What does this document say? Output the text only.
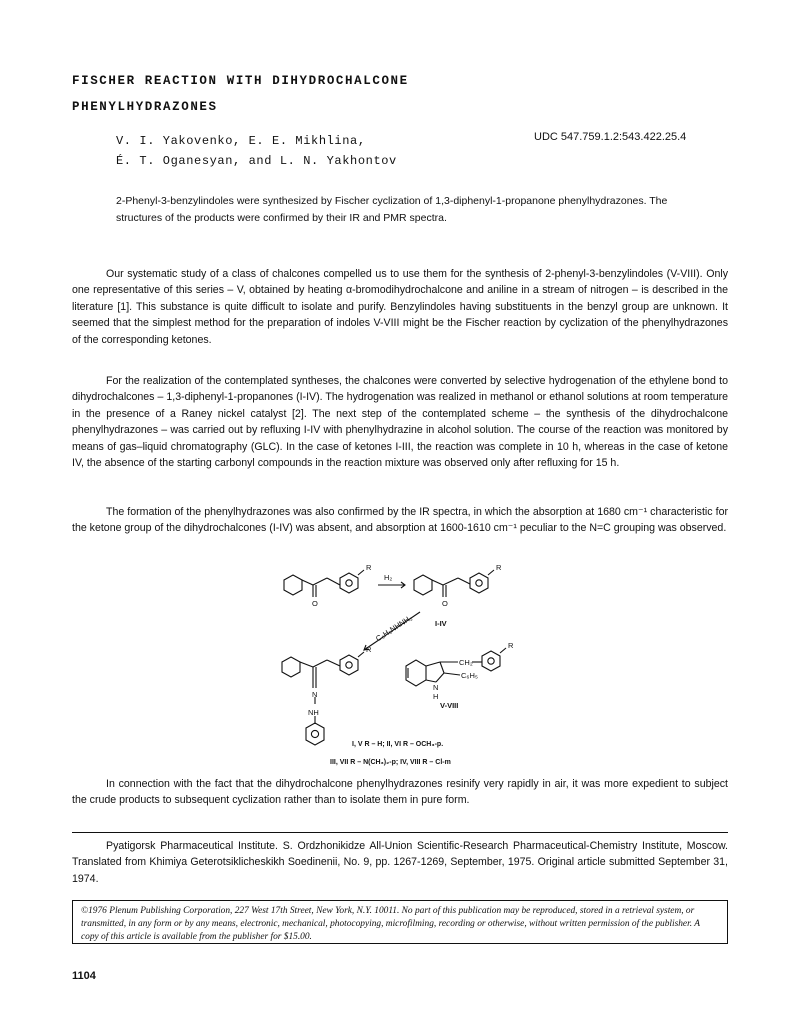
FISCHER REACTION WITH DIHYDROCHALCONE
PHENYLHYDRAZONES
V. I. Yakovenko, E. E. Mikhlina,
É. T. Oganesyan, and L. N. Yakhontov
UDC 547.759.1.2:543.422.25.4
2-Phenyl-3-benzylindoles were synthesized by Fischer cyclization of 1,3-diphenyl-1-propanone phenylhydrazones. The structures of the products were confirmed by their IR and PMR spectra.
Our systematic study of a class of chalcones compelled us to use them for the synthesis of 2-phenyl-3-benzylindoles (V-VIII). Only one representative of this series – V, obtained by heating α-bromodihydrochalcone and aniline in a stream of nitrogen – is described in the literature [1]. This substance is quite difficult to isolate and purify. Benzylindoles having substituents in the benzyl group are unknown. It seemed that the simplest method for the preparation of indoles V-VIII might be the Fischer reaction by cyclization of the phenylhydrazones of the corresponding ketones.
For the realization of the contemplated syntheses, the chalcones were converted by selective hydrogenation of the ethylene bond to dihydrochalcones – 1,3-diphenyl-1-propanones (I-IV). The hydrogenation was realized in methanol or ethanol solutions at room temperature in the presence of a Raney nickel catalyst [2]. The next step of the contemplated scheme – the synthesis of the dihydrochalcone phenylhydrazones – was carried out by refluxing I-IV with phenylhydrazine in alcohol solution. The course of the reaction was monitored by means of gas–liquid chromatography (GLC). In the case of ketones I-III, the reaction was complete in 10 h, whereas in the case of ketone IV, the absence of the starting carbonyl compounds in the reaction mixture was observed only after refluxing for 15 h.
The formation of the phenylhydrazones was also confirmed by the IR spectra, in which the absorption at 1680 cm⁻¹ characteristic for the ketone group of the dihydrochalcones (I-IV) was absent, and absorption at 1600-1610 cm⁻¹ peculiar to the N=C grouping was observed.
H₂
O	O
R	R
R	R
I-IV
C₆H₅NHNH₂
N
NH
N
H
CH₂
C₆H₅
V-VIII
I, V R – H; II, VI R – OCH₃-p.
III, VII R – N(CH₃)₂-p; IV, VIII R – Cl-m
In connection with the fact that the dihydrochalcone phenylhydrazones resinify very rapidly in air, it was more expedient to subject the crude products to subsequent cyclization rather than to isolate them in pure form.
Pyatigorsk Pharmaceutical Institute. S. Ordzhonikidze All-Union Scientific-Research Pharmaceutical-Chemistry Institute, Moscow. Translated from Khimiya Geterotsiklicheskikh Soedinenii, No. 9, pp. 1267-1269, September, 1975. Original article submitted September 31, 1974.
©1976 Plenum Publishing Corporation, 227 West 17th Street, New York, N.Y. 10011. No part of this publication may be reproduced, stored in a retrieval system, or transmitted, in any form or by any means, electronic, mechanical, photocopying, microfilming, recording or otherwise, without written permission of the publisher. A copy of this article is available from the publisher for $15.00.
1104
